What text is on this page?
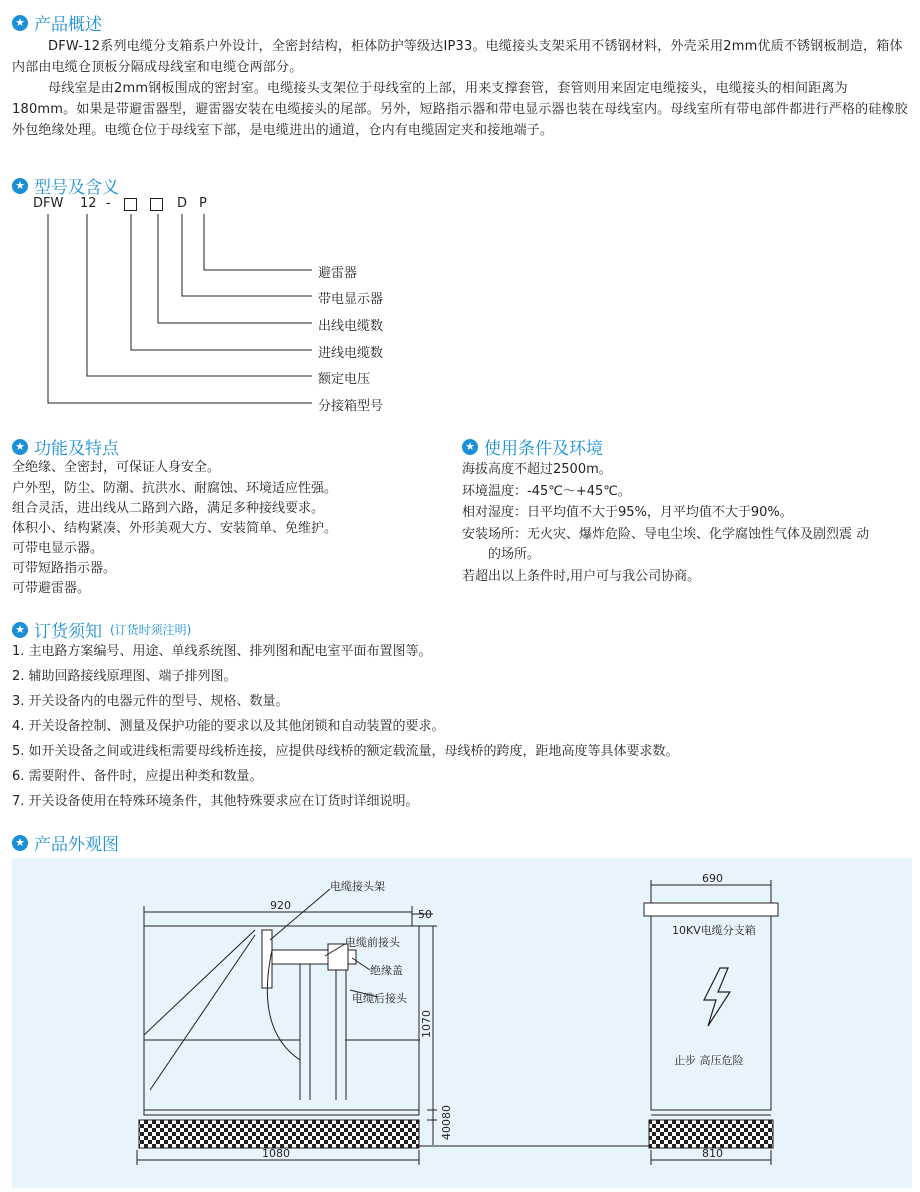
★ 产品概述

DFW-12系列电缆分支箱系户外设计，全密封结构，柜体防护等级达IP33。电缆接头支架采用不锈钢材料，外壳采用2mm优质不锈钢板制造，箱体内部由电缆仓顶板分隔成母线室和电缆仓两部分。

母线室是由2mm钢板围成的密封室。电缆接头支架位于母线室的上部，用来支撑套管，套管则用来固定电缆接头，电缆接头的相间距离为180mm。如果是带避雷器型，避雷器安装在电缆接头的尾部。另外，短路指示器和带电显示器也装在母线室内。母线室所有带电部件都进行严格的硅橡胶外包绝缘处理。电缆仓位于母线室下部，是电缆进出的通道，仓内有电缆固定夹和接地端子。

★ 型号及含义
DFW 12 -	D P
避雷器
带电显示器
出线电缆数
进线电缆数
额定电压
分接箱型号
★ 功能及特点
全绝缘、全密封，可保证人身安全。
户外型，防尘、防潮、抗洪水、耐腐蚀、环境适应性强。
组合灵活，进出线从二路到六路，满足多种接线要求。
体积小、结构紧凑、外形美观大方、安装简单、免维护。
可带电显示器。
可带短路指示器。
可带避雷器。
★ 使用条件及环境
海拔高度不超过2500m。
环境温度：-45℃～+45℃。
相对湿度：日平均值不大于95%，月平均值不大于90%。
安装场所：无火灾、爆炸危险、导电尘埃、化学腐蚀性气体及剧烈震 动
的场所。
若超出以上条件时,用户可与我公司协商。
★ 订货须知 (订货时须注明)
1. 主电路方案编号、用途、单线系统图、排列图和配电室平面布置图等。
2. 辅助回路接线原理图、端子排列图。
3. 开关设备内的电器元件的型号、规格、数量。
4. 开关设备控制、测量及保护功能的要求以及其他闭锁和自动装置的要求。
5. 如开关设备之间或进线柜需要母线桥连接，应提供母线桥的额定载流量，母线桥的跨度，距地高度等具体要求数。
6. 需要附件、备件时，应提出种类和数量。
7. 开关设备使用在特殊环境条件，其他特殊要求应在订货时详细说明。
★ 产品外观图
电缆接头架
电缆前接头
绝缘盖
电缆后接头
10KV电缆分支箱
止步 高压危险
920
50
1070
40080
1080
690
810
